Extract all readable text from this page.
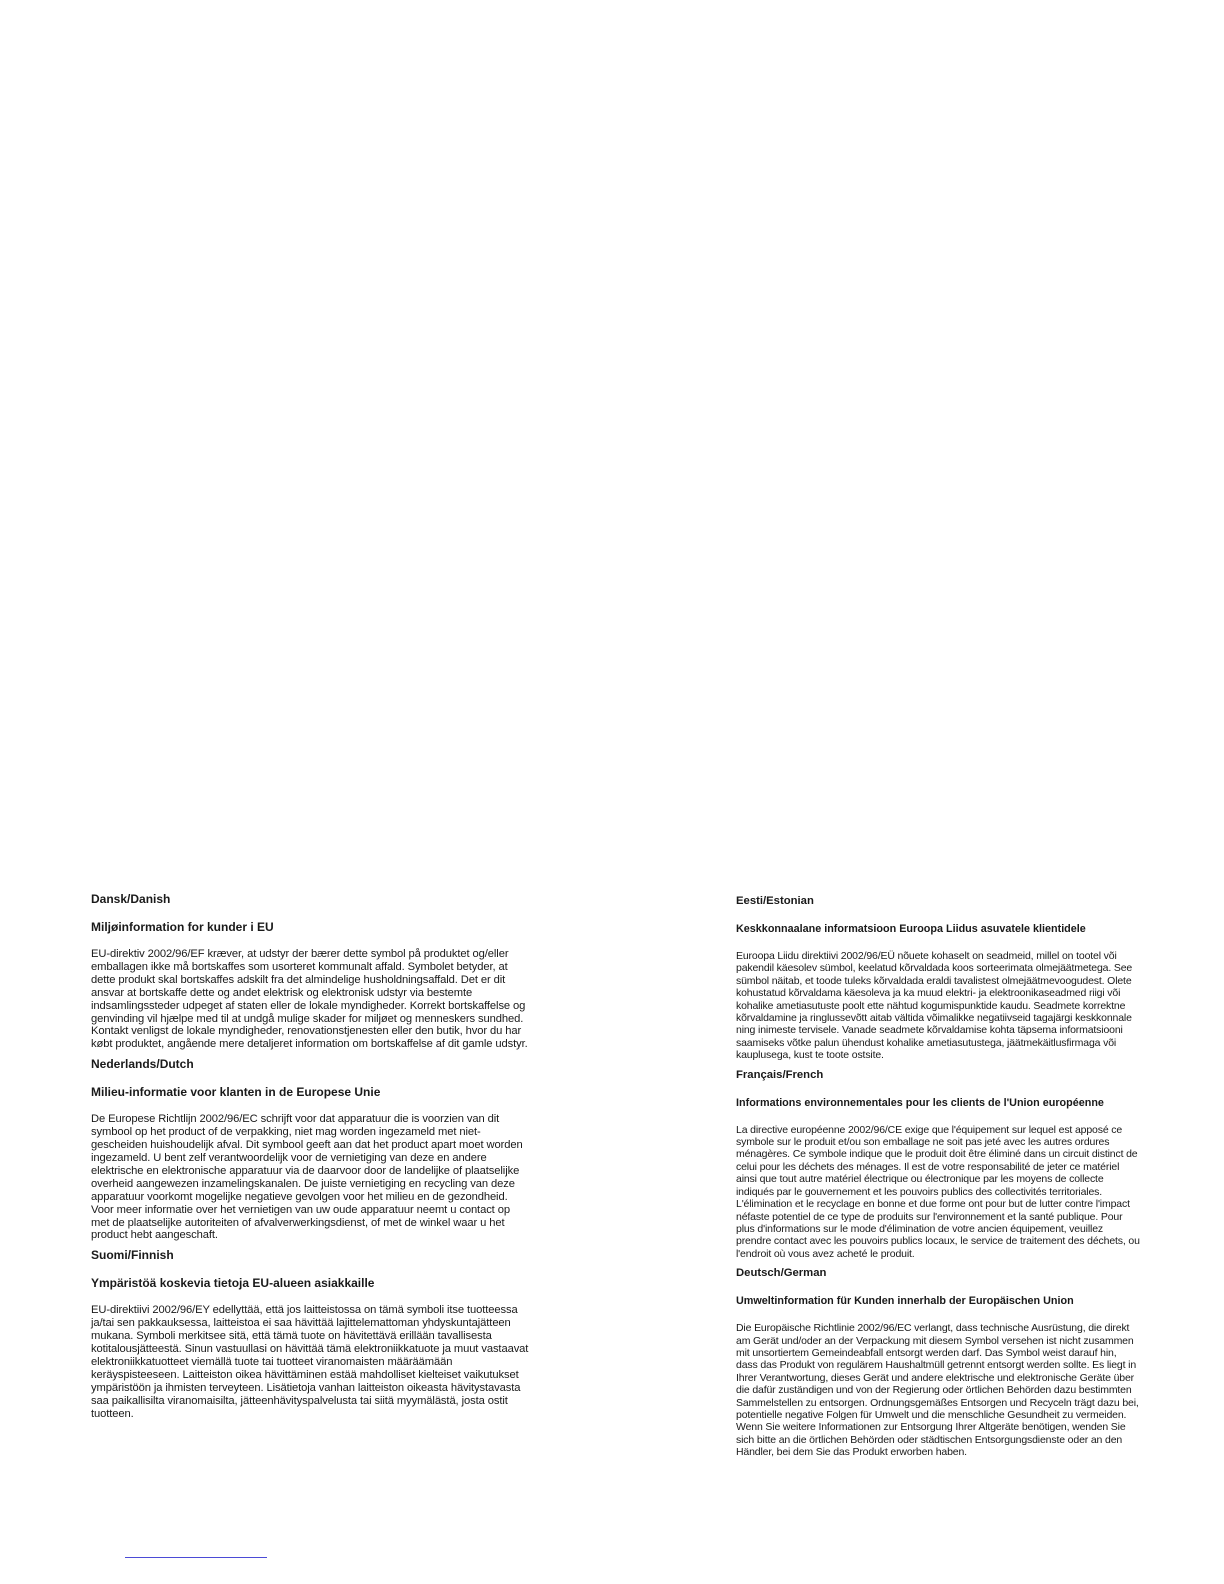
Dansk/Danish

Miljøinformation for kunder i EU

EU-direktiv 2002/96/EF kræver, at udstyr der bærer dette symbol på produktet og/eller emballagen ikke må bortskaffes som usorteret kommunalt affald. Symbolet betyder, at dette produkt skal bortskaffes adskilt fra det almindelige husholdningsaffald. Det er dit ansvar at bortskaffe dette og andet elektrisk og elektronisk udstyr via bestemte indsamlingssteder udpeget af staten eller de lokale myndigheder. Korrekt bortskaffelse og genvinding vil hjælpe med til at undgå mulige skader for miljøet og menneskers sundhed. Kontakt venligst de lokale myndigheder, renovationstjenesten eller den butik, hvor du har købt produktet, angående mere detaljeret information om bortskaffelse af dit gamle udstyr.

Nederlands/Dutch

Milieu-informatie voor klanten in de Europese Unie

De Europese Richtlijn 2002/96/EC schrijft voor dat apparatuur die is voorzien van dit symbool op het product of de verpakking, niet mag worden ingezameld met niet-gescheiden huishoudelijk afval. Dit symbool geeft aan dat het product apart moet worden ingezameld. U bent zelf verantwoordelijk voor de vernietiging van deze en andere elektrische en elektronische apparatuur via de daarvoor door de landelijke of plaatselijke overheid aangewezen inzamelingskanalen. De juiste vernietiging en recycling van deze apparatuur voorkomt mogelijke negatieve gevolgen voor het milieu en de gezondheid. Voor meer informatie over het vernietigen van uw oude apparatuur neemt u contact op met de plaatselijke autoriteiten of afvalverwerkingsdienst, of met de winkel waar u het product hebt aangeschaft.

Suomi/Finnish

Ympäristöä koskevia tietoja EU-alueen asiakkaille

EU-direktiivi 2002/96/EY edellyttää, että jos laitteistossa on tämä symboli itse tuotteessa ja/tai sen pakkauksessa, laitteistoa ei saa hävittää lajittelemattoman yhdyskuntajätteen mukana. Symboli merkitsee sitä, että tämä tuote on hävitettävä erillään tavallisesta kotitalousjätteestä. Sinun vastuullasi on hävittää tämä elektroniikkatuote ja muut vastaavat elektroniikkatuotteet viemällä tuote tai tuotteet viranomaisten määräämään keräyspisteeseen. Laitteiston oikea hävittäminen estää mahdolliset kielteiset vaikutukset ympäristöön ja ihmisten terveyteen. Lisätietoja vanhan laitteiston oikeasta hävitystavasta saa paikallisilta viranomaisilta, jätteenhävityspalvelusta tai siitä myymälästä, josta ostit tuotteen.

Eesti/Estonian

Keskkonnaalane informatsioon Euroopa Liidus asuvatele klientidele

Euroopa Liidu direktiivi 2002/96/EÜ nõuete kohaselt on seadmeid, millel on tootel või pakendil käesolev sümbol, keelatud kõrvaldada koos sorteerimata olmejäätmetega. See sümbol näitab, et toode tuleks kõrvaldada eraldi tavalistest olmejäätmevoogudest. Olete kohustatud kõrvaldama käesoleva ja ka muud elektri- ja elektroonikaseadmed riigi või kohalike ametiasutuste poolt ette nähtud kogumispunktide kaudu. Seadmete korrektne kõrvaldamine ja ringlussevõtt aitab vältida võimalikke negatiivseid tagajärgi keskkonnale ning inimeste tervisele. Vanade seadmete kõrvaldamise kohta täpsema informatsiooni saamiseks võtke palun ühendust kohalike ametiasutustega, jäätmekäitlusfirmaga või kauplusega, kust te toote ostsite.

Français/French

Informations environnementales pour les clients de l'Union européenne

La directive européenne 2002/96/CE exige que l'équipement sur lequel est apposé ce symbole sur le produit et/ou son emballage ne soit pas jeté avec les autres ordures ménagères. Ce symbole indique que le produit doit être éliminé dans un circuit distinct de celui pour les déchets des ménages. Il est de votre responsabilité de jeter ce matériel ainsi que tout autre matériel électrique ou électronique par les moyens de collecte indiqués par le gouvernement et les pouvoirs publics des collectivités territoriales. L'élimination et le recyclage en bonne et due forme ont pour but de lutter contre l'impact néfaste potentiel de ce type de produits sur l'environnement et la santé publique. Pour plus d'informations sur le mode d'élimination de votre ancien équipement, veuillez prendre contact avec les pouvoirs publics locaux, le service de traitement des déchets, ou l'endroit où vous avez acheté le produit.

Deutsch/German

Umweltinformation für Kunden innerhalb der Europäischen Union

Die Europäische Richtlinie 2002/96/EC verlangt, dass technische Ausrüstung, die direkt am Gerät und/oder an der Verpackung mit diesem Symbol versehen ist nicht zusammen mit unsortiertem Gemeindeabfall entsorgt werden darf. Das Symbol weist darauf hin, dass das Produkt von regulärem Haushaltmüll getrennt entsorgt werden sollte. Es liegt in Ihrer Verantwortung, dieses Gerät und andere elektrische und elektronische Geräte über die dafür zuständigen und von der Regierung oder örtlichen Behörden dazu bestimmten Sammelstellen zu entsorgen. Ordnungsgemäßes Entsorgen und Recyceln trägt dazu bei, potentielle negative Folgen für Umwelt und die menschliche Gesundheit zu vermeiden. Wenn Sie weitere Informationen zur Entsorgung Ihrer Altgeräte benötigen, wenden Sie sich bitte an die örtlichen Behörden oder städtischen Entsorgungsdienste oder an den Händler, bei dem Sie das Produkt erworben haben.
